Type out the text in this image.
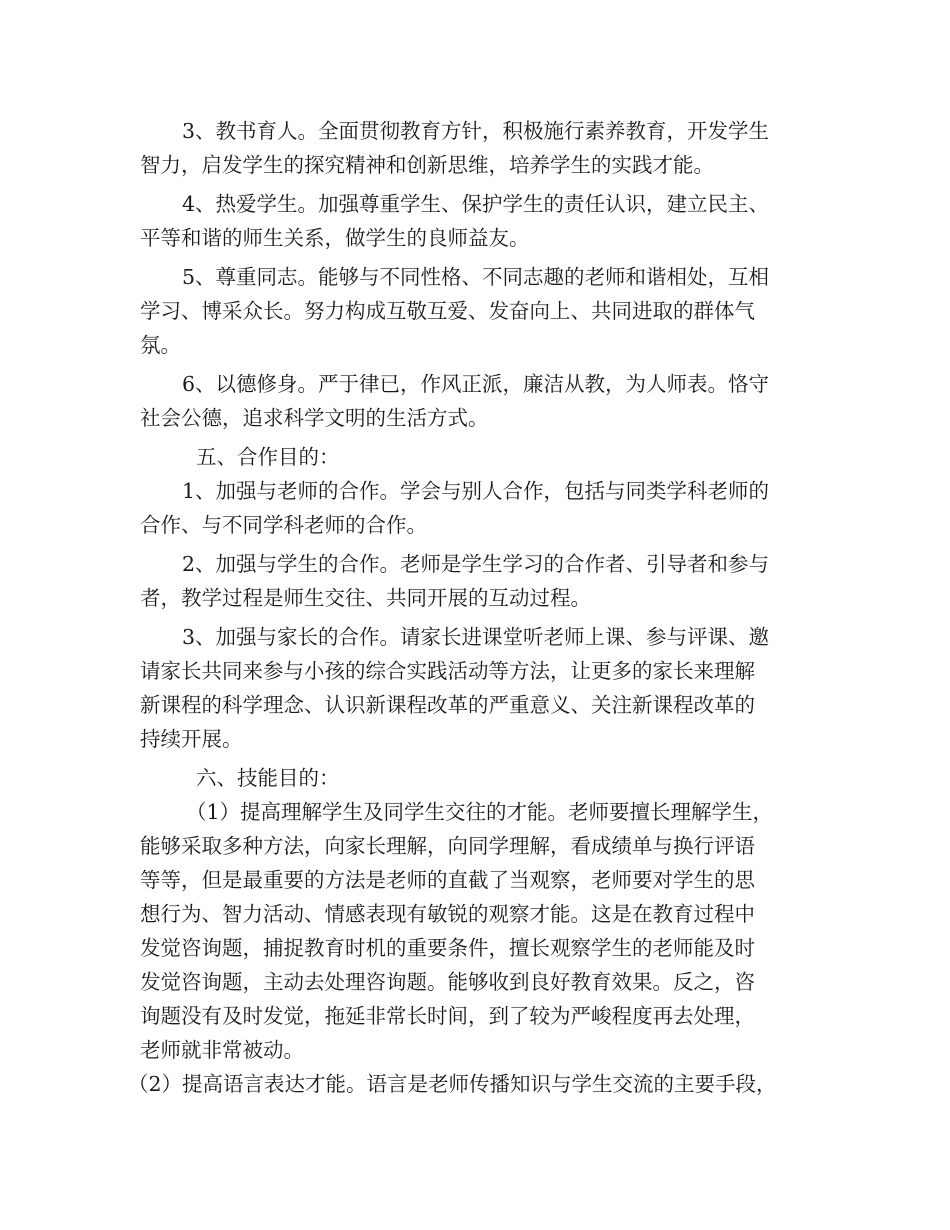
3、教书育人。全面贯彻教育方针，积极施行素养教育，开发学生
智力，启发学生的探究精神和创新思维，培养学生的实践才能。
4、热爱学生。加强尊重学生、保护学生的责任认识，建立民主、
平等和谐的师生关系，做学生的良师益友。
5、尊重同志。能够与不同性格、不同志趣的老师和谐相处，互相
学习、博采众长。努力构成互敬互爱、发奋向上、共同进取的群体气
氛。
6、以德修身。严于律已，作风正派，廉洁从教，为人师表。恪守
社会公德，追求科学文明的生活方式。
五、合作目的：
1、加强与老师的合作。学会与别人合作，包括与同类学科老师的
合作、与不同学科老师的合作。
2、加强与学生的合作。老师是学生学习的合作者、引导者和参与
者，教学过程是师生交往、共同开展的互动过程。
3、加强与家长的合作。请家长进课堂听老师上课、参与评课、邀
请家长共同来参与小孩的综合实践活动等方法，让更多的家长来理解
新课程的科学理念、认识新课程改革的严重意义、关注新课程改革的
持续开展。
六、技能目的：
（1）提高理解学生及同学生交往的才能。老师要擅长理解学生，
能够采取多种方法，向家长理解，向同学理解，看成绩单与换行评语
等等，但是最重要的方法是老师的直截了当观察，老师要对学生的思
想行为、智力活动、情感表现有敏锐的观察才能。这是在教育过程中
发觉咨询题，捕捉教育时机的重要条件，擅长观察学生的老师能及时
发觉咨询题，主动去处理咨询题。能够收到良好教育效果。反之，咨
询题没有及时发觉，拖延非常长时间，到了较为严峻程度再去处理，
老师就非常被动。
（2）提高语言表达才能。语言是老师传播知识与学生交流的主要手段，
